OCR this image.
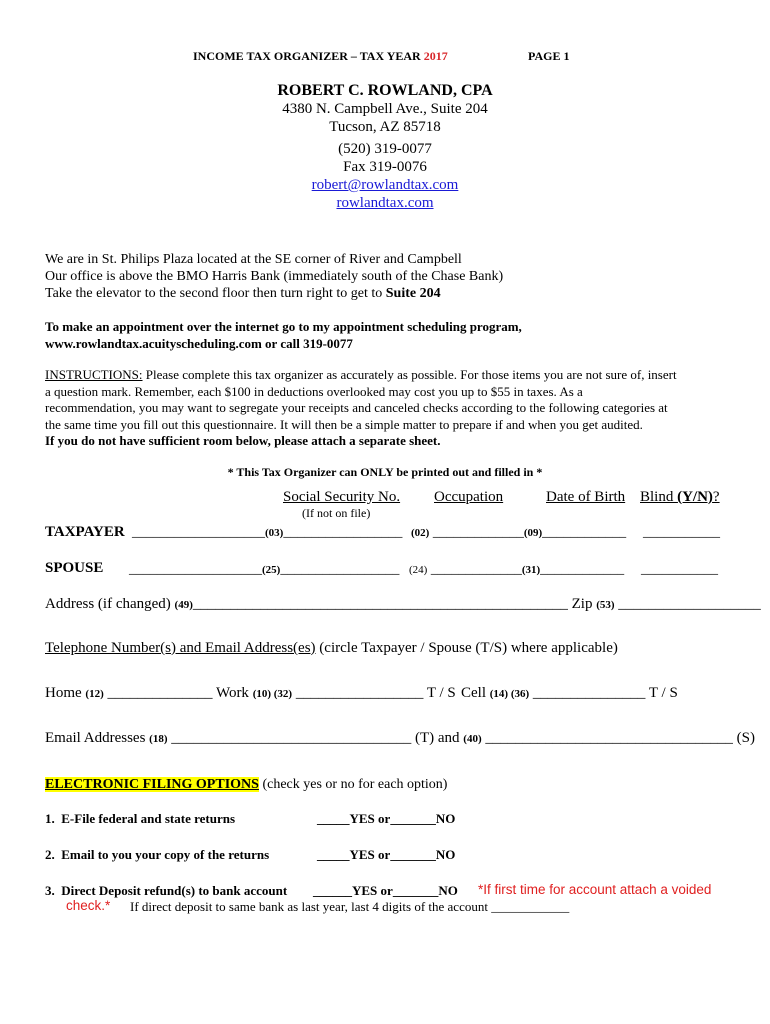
INCOME TAX ORGANIZER – TAX YEAR 2017	PAGE 1
ROBERT C. ROWLAND, CPA
4380 N. Campbell Ave., Suite 204
Tucson, AZ 85718
(520) 319-0077
Fax 319-0076
robert@rowlandtax.com
rowlandtax.com
We are in St. Philips Plaza located at the SE corner of River and Campbell
Our office is above the BMO Harris Bank (immediately south of the Chase Bank)
Take the elevator to the second floor then turn right to get to Suite 204
To make an appointment over the internet go to my appointment scheduling program,
www.rowlandtax.acuityscheduling.com or call 319-0077
INSTRUCTIONS: Please complete this tax organizer as accurately as possible. For those items you are not sure of, insert
a question mark. Remember, each $100 in deductions overlooked may cost you up to $55 in taxes. As a
recommendation, you may want to segregate your receipts and canceled checks according to the following categories at
the same time you fill out this questionnaire. It will then be a simple matter to prepare if and when you get audited.
If you do not have sufficient room below, please attach a separate sheet.
* This Tax Organizer can ONLY be printed out and filled in *
Social Security No.
(If not on file)
Occupation	Date of Birth Blind (Y/N)?
TAXPAYER ___________________(03)_________________ (02) _____________(09)____________ ___________
SPOUSE ___________________(25)_________________ (24) _____________(31)____________ ___________
Address (if changed) (49)__________________________________________________ Zip (53) ___________________
Telephone Number(s) and Email Address(es) (circle Taxpayer / Spouse (T/S) where applicable)
Home (12) ______________ Work (10) (32) _________________ T / S Cell (14) (36) _______________ T / S
Email Addresses (18) ________________________________ (T) and (40) _________________________________ (S)
ELECTRONIC FILING OPTIONS (check yes or no for each option)
1. E-File federal and state returns	_____YES or_______NO
2. Email to you your copy of the returns	_____YES or_______NO
3. Direct Deposit refund(s) to bank account ______YES or_______NO *If first time for account attach a voided
check.* If direct deposit to same bank as last year, last 4 digits of the account ____________
